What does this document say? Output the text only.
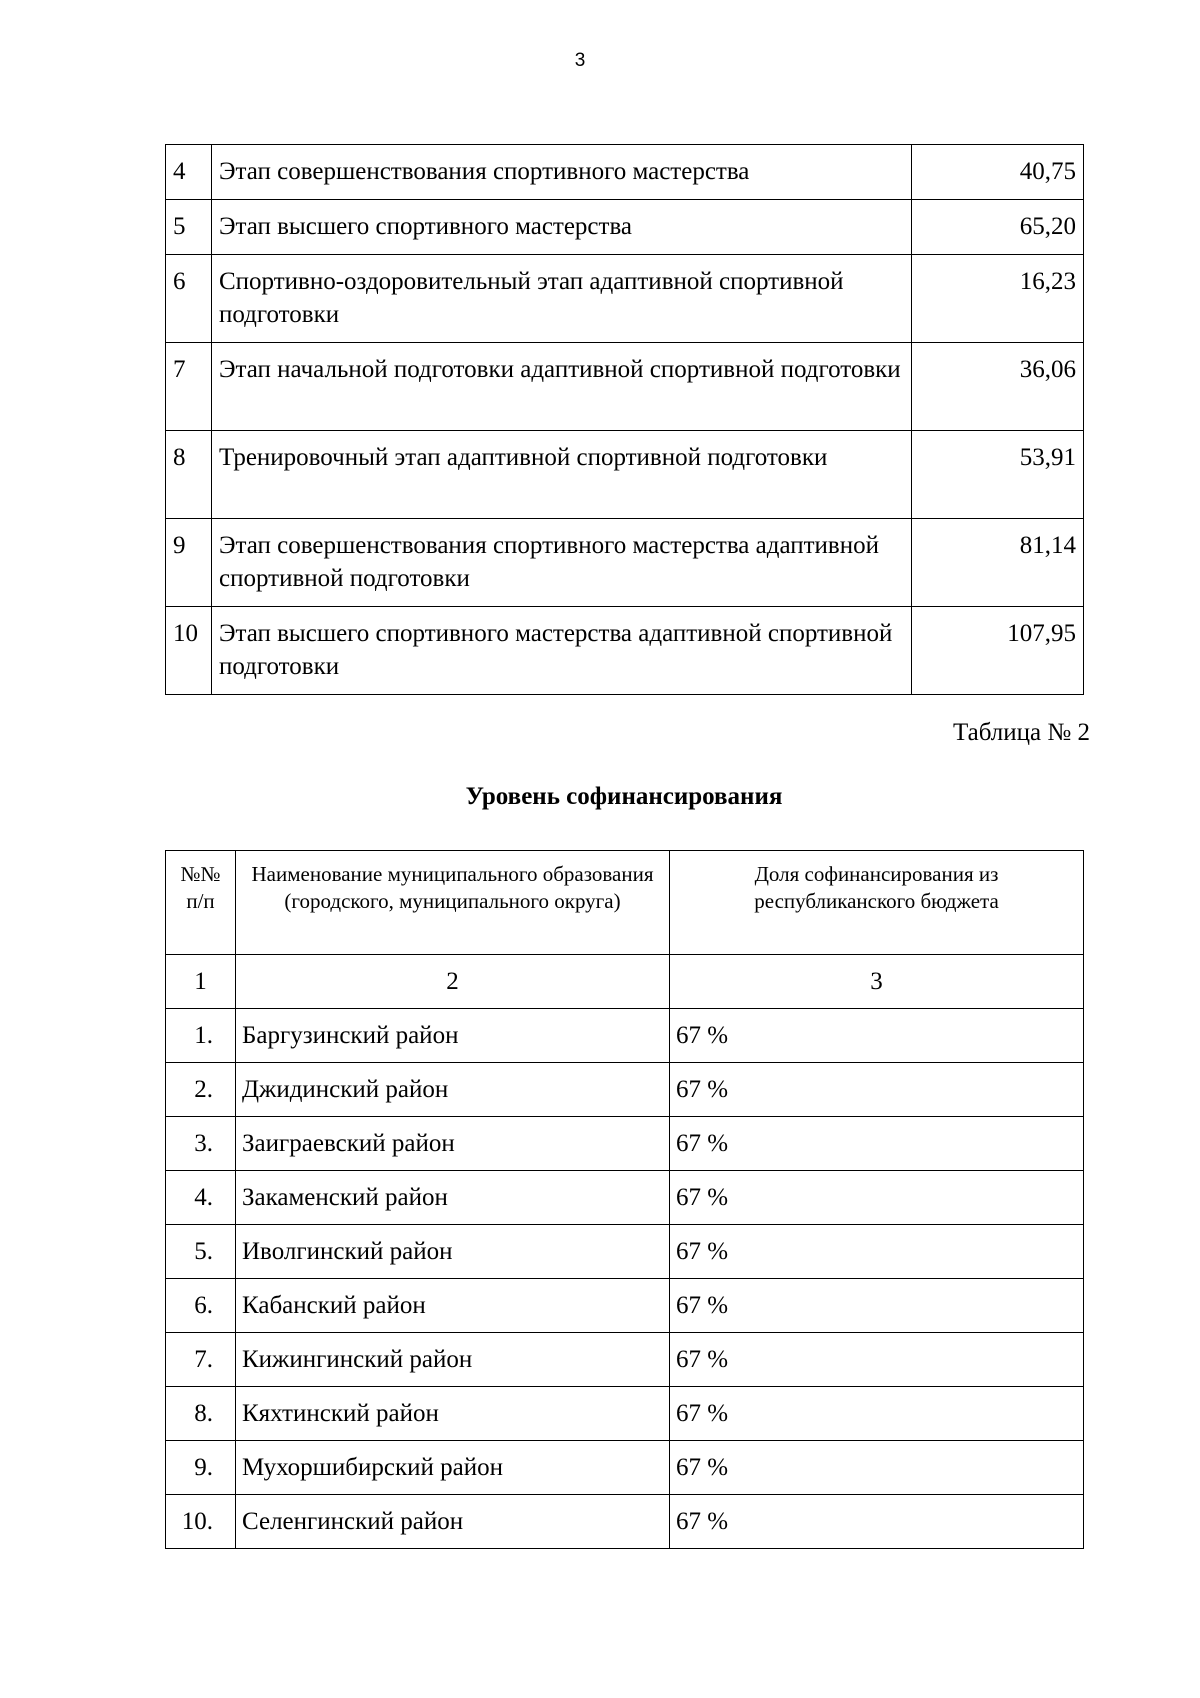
3
4	Этап совершенствования спортивного мастерства	40,75
5	Этап высшего спортивного мастерства	65,20
6	Спортивно-оздоровительный этап адаптивной спортивной подготовки	16,23
7	Этап начальной подготовки адаптивной спортивной подготовки	36,06
8	Тренировочный этап адаптивной спортивной подготовки	53,91
9	Этап совершенствования спортивного мастерства адаптивной спортивной подготовки	81,14
10	Этап высшего спортивного мастерства адаптивной спортивной подготовки	107,95
Таблица № 2
Уровень софинансирования
№№ п/п	Наименование муниципального образования (городского, муниципального округа)	Доля софинансирования из республиканского бюджета
1	2	3
1.	Баргузинский район	67 %
2.	Джидинский район	67 %
3.	Заиграевский район	67 %
4.	Закаменский район	67 %
5.	Иволгинский район	67 %
6.	Кабанский район	67 %
7.	Кижингинский район	67 %
8.	Кяхтинский район	67 %
9.	Мухоршибирский район	67 %
10.	Селенгинский район	67 %
